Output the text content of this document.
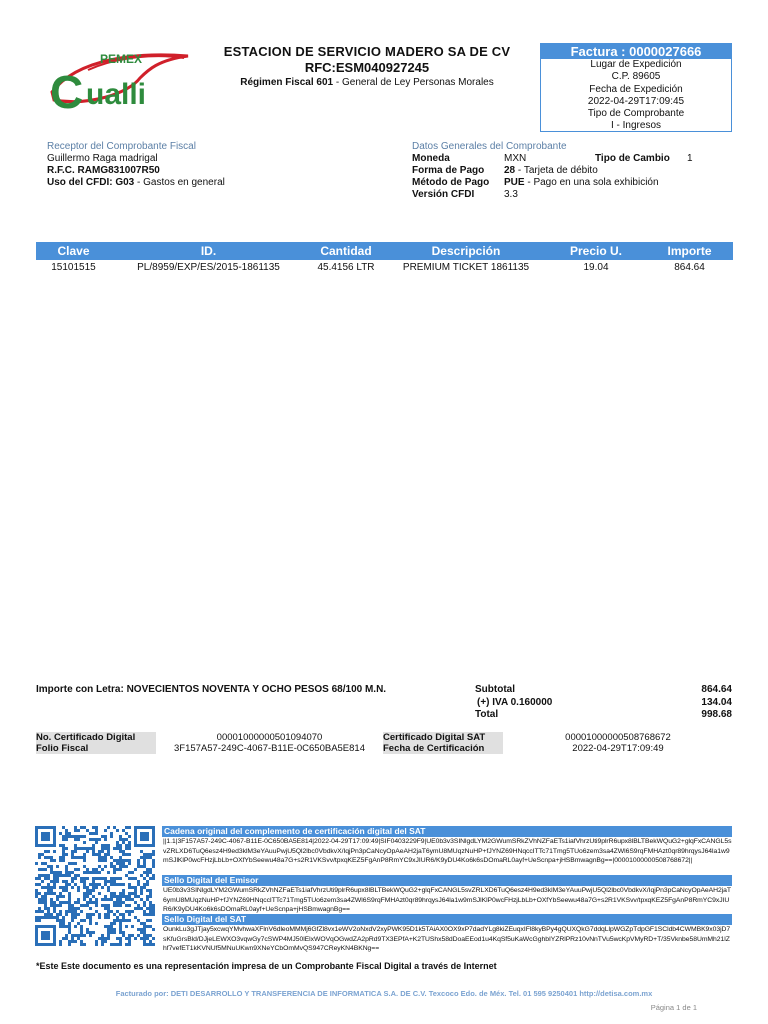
PEMEX
C ualli
ESTACION DE SERVICIO MADERO SA DE CV
RFC:ESM040927245
Régimen Fiscal 601 - General de Ley Personas Morales
Factura : 0000027666
Lugar de Expedición
C.P. 89605
Fecha de Expedición
2022-04-29T17:09:45
Tipo de Comprobante
I - Ingresos
Receptor del Comprobante Fiscal
Guillermo Raga madrigal
R.F.C. RAMG831007R50
Uso del CFDI: G03 - Gastos en general
Datos Generales del Comprobante
Moneda	MXN	Tipo de Cambio	1
Forma de Pago	28 - Tarjeta de débito
Método de Pago	PUE - Pago en una sola exhibición
Versión CFDI	3.3
Clave	ID.	Cantidad	Descripción	Precio U.	Importe
15101515	PL/8959/EXP/ES/2015-1861135	45.4156 LTR	PREMIUM TICKET 1861135	19.04	864.64
Importe con Letra: NOVECIENTOS NOVENTA Y OCHO PESOS 68/100 M.N.	Subtotal	864.64
(+) IVA 0.160000	134.04
Total	998.68
No. Certificado Digital	00001000000501094070	Certificado Digital SAT	00001000000508768672
Folio Fiscal	3F157A57-249C-4067-B11E-0C650BA5E814	Fecha de Certificación	2022-04-29T17:09:49
Cadena original del complemento de certificación digital del SAT
||1.1|3F157A57-249C-4067-B11E-0C650BA5E814|2022-04-29T17:09:49|SIF0403229F9|UE0b3v3SINlgdLYM2GWumSRkZVhNZFaETs1iafVhrzUti9plrR6upx8lBLTBekWQuG2+glqFxCANGL5svZRLXD6TuQ6esz4H9ed3klM3eYAuuPwjU5Ql2lbc0VbdkvX/IqjPn3pCaNcyOpAeAH2jaT6ymU8MUqzNuHP+fJYNZ69HNqccITTc71Tmg5TUo6zem3sa4ZWl6S9rqFMHAzt0qr89hrqysJ64la1w9mSJlKlP0wcFHzjLbLb+OXfYbSeewu48a7G+s2R1VKSvv/tpxqKEZ5FgAnP8RmYC9xJIUR6/K9yDU4Ko6k6sDOmaRL0ayf+UeScnpa+jHSBmwagnBg==|00001000000508768672||
Sello Digital del Emisor
UE0b3v3SINlgdLYM2GWumSRkZVhNZFaETs1iafVhrzUti9plrR6upx8lBLTBekWQuG2+glqFxCANGL5svZRLXD6TuQ6esz4H9ed3klM3eYAuuPwjU5Ql2lbc0VbdkvX/IqjPn3pCaNcyOpAeAH2jaT6ymU8MUqzNuHP+fJYNZ69HNqccITTc71Tmg5TUo6zem3sa4ZWl6S9rqFMHAzt0qr89hrqysJ64la1w9mSJlKlP0wcFHzjLbLb+OXfYbSeewu48a7G+s2R1VKSvv/tpxqKEZ5FgAnP8RmYC9xJIUR6/K9yDU4Ko6k6sDOmaRL0ayf+UeScnpa+jHSBmwagnBg==
Sello Digital del SAT
OunkLu3gJTjay5xcwqYMvhwaXFlnV6dleoMMMj6GfZl8vx1eWV2oNxdV2xyPWK95D1k5TAiAX0OX9xP7dadYLg8kiZEuqxIFl8kyBPy4gQUXQkG7ddqLlpWGZpTdpGF1SCldb4CWMBK9x03jD7sKfuGrsBld/DJjeLEWXO3vqwGy7cSWP4MJ50lElxWOVqOGwdZA2pRd9TX3EPfA+K2TUShx58dDoaEEod1u4KqSf5uKaWcGghbIYZRlPRz10vNnTVu5wcKpVMyRD+T/35Vknbe58UmMh21lZhf7vefET1kKVNUf5MNuUKwn9XNeYCbOmMvQS947CReyKN4BKNg==
*Este Este documento es una representación impresa de un Comprobante Fiscal Digital a través de Internet
Facturado por: DETI DESARROLLO Y TRANSFERENCIA DE INFORMATICA S.A. DE C.V. Texcoco Edo. de Méx. Tel. 01 595 9250401 http://detisa.com.mx
Página 1 de 1
